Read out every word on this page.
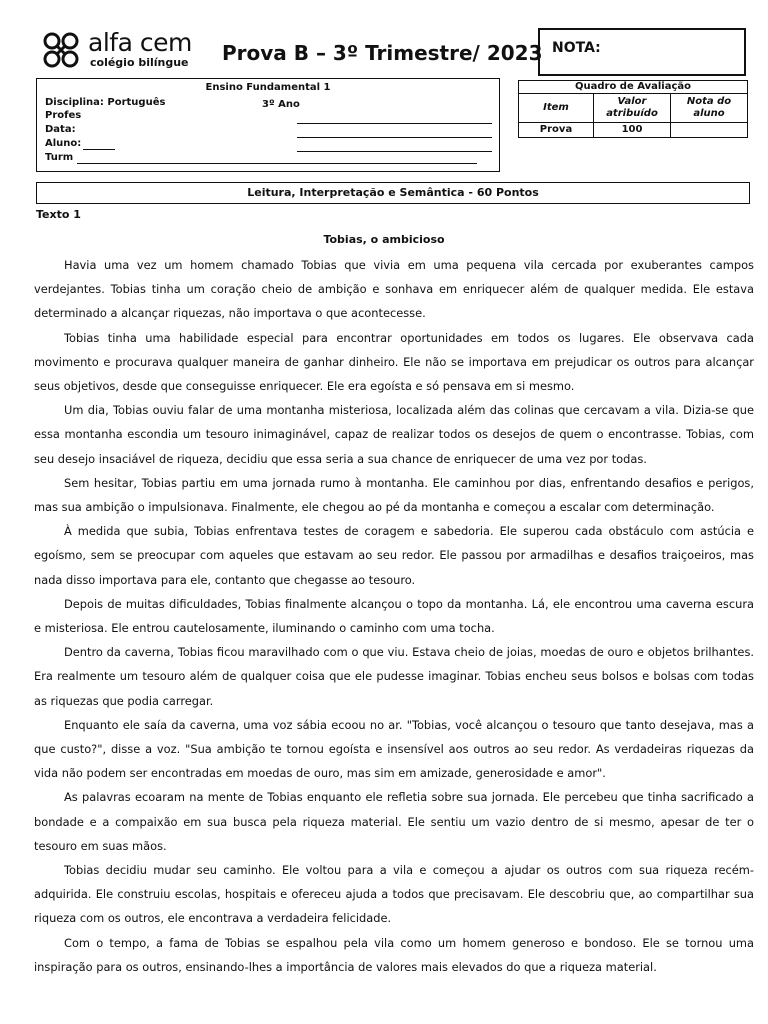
alfa cem
colégio bilíngue Prova B – 3º Trimestre/ 2023 NOTA:
Ensino Fundamental 1
Disciplina: Português	3º Ano
Profes
Data:
Aluno:
Turm
Quadro de Avaliação		
Item	Valor atribuído	Nota do aluno
Prova	100	
Leitura, Interpretação e Semântica - 60 Pontos
Texto 1
Tobias, o ambicioso

Havia uma vez um homem chamado Tobias que vivia em uma pequena vila cercada por exuberantes campos verdejantes. Tobias tinha um coração cheio de ambição e sonhava em enriquecer além de qualquer medida. Ele estava determinado a alcançar riquezas, não importava o que acontecesse.

Tobias tinha uma habilidade especial para encontrar oportunidades em todos os lugares. Ele observava cada movimento e procurava qualquer maneira de ganhar dinheiro. Ele não se importava em prejudicar os outros para alcançar seus objetivos, desde que conseguisse enriquecer. Ele era egoísta e só pensava em si mesmo.

Um dia, Tobias ouviu falar de uma montanha misteriosa, localizada além das colinas que cercavam a vila. Dizia-se que essa montanha escondia um tesouro inimaginável, capaz de realizar todos os desejos de quem o encontrasse. Tobias, com seu desejo insaciável de riqueza, decidiu que essa seria a sua chance de enriquecer de uma vez por todas.

Sem hesitar, Tobias partiu em uma jornada rumo à montanha. Ele caminhou por dias, enfrentando desafios e perigos, mas sua ambição o impulsionava. Finalmente, ele chegou ao pé da montanha e começou a escalar com determinação.

À medida que subia, Tobias enfrentava testes de coragem e sabedoria. Ele superou cada obstáculo com astúcia e egoísmo, sem se preocupar com aqueles que estavam ao seu redor. Ele passou por armadilhas e desafios traiçoeiros, mas nada disso importava para ele, contanto que chegasse ao tesouro.

Depois de muitas dificuldades, Tobias finalmente alcançou o topo da montanha. Lá, ele encontrou uma caverna escura e misteriosa. Ele entrou cautelosamente, iluminando o caminho com uma tocha.

Dentro da caverna, Tobias ficou maravilhado com o que viu. Estava cheio de joias, moedas de ouro e objetos brilhantes. Era realmente um tesouro além de qualquer coisa que ele pudesse imaginar. Tobias encheu seus bolsos e bolsas com todas as riquezas que podia carregar.

Enquanto ele saía da caverna, uma voz sábia ecoou no ar. "Tobias, você alcançou o tesouro que tanto desejava, mas a que custo?", disse a voz. "Sua ambição te tornou egoísta e insensível aos outros ao seu redor. As verdadeiras riquezas da vida não podem ser encontradas em moedas de ouro, mas sim em amizade, generosidade e amor".

As palavras ecoaram na mente de Tobias enquanto ele refletia sobre sua jornada. Ele percebeu que tinha sacrificado a bondade e a compaixão em sua busca pela riqueza material. Ele sentiu um vazio dentro de si mesmo, apesar de ter o tesouro em suas mãos.

Tobias decidiu mudar seu caminho. Ele voltou para a vila e começou a ajudar os outros com sua riqueza recém-adquirida. Ele construiu escolas, hospitais e ofereceu ajuda a todos que precisavam. Ele descobriu que, ao compartilhar sua riqueza com os outros, ele encontrava a verdadeira felicidade.

Com o tempo, a fama de Tobias se espalhou pela vila como um homem generoso e bondoso. Ele se tornou uma inspiração para os outros, ensinando-lhes a importância de valores mais elevados do que a riqueza material.
